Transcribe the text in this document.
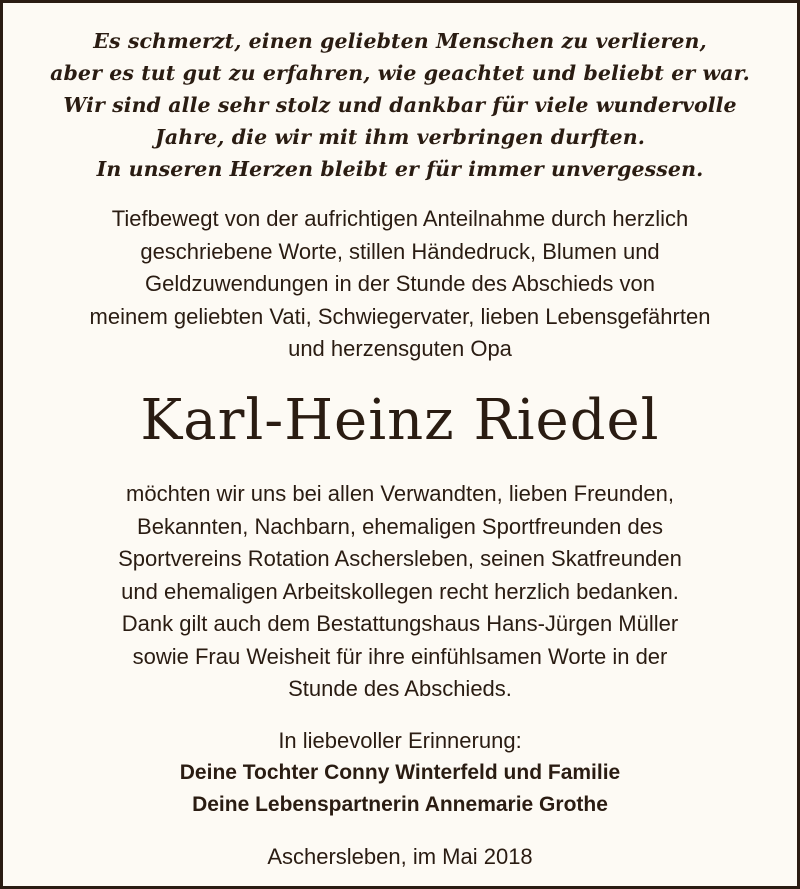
Es schmerzt, einen geliebten Menschen zu verlieren,
aber es tut gut zu erfahren, wie geachtet und beliebt er war.
Wir sind alle sehr stolz und dankbar für viele wundervolle
Jahre, die wir mit ihm verbringen durften.
In unseren Herzen bleibt er für immer unvergessen.
Tiefbewegt von der aufrichtigen Anteilnahme durch herzlich
geschriebene Worte, stillen Händedruck, Blumen und
Geldzuwendungen in der Stunde des Abschieds von
meinem geliebten Vati, Schwiegervater, lieben Lebensgefährten
und herzensguten Opa
Karl-Heinz Riedel
möchten wir uns bei allen Verwandten, lieben Freunden,
Bekannten, Nachbarn, ehemaligen Sportfreunden des
Sportvereins Rotation Aschersleben, seinen Skatfreunden
und ehemaligen Arbeitskollegen recht herzlich bedanken.
Dank gilt auch dem Bestattungshaus Hans-Jürgen Müller
sowie Frau Weisheit für ihre einfühlsamen Worte in der
Stunde des Abschieds.
In liebevoller Erinnerung:
Deine Tochter Conny Winterfeld und Familie
Deine Lebenspartnerin Annemarie Grothe
Aschersleben, im Mai 2018
